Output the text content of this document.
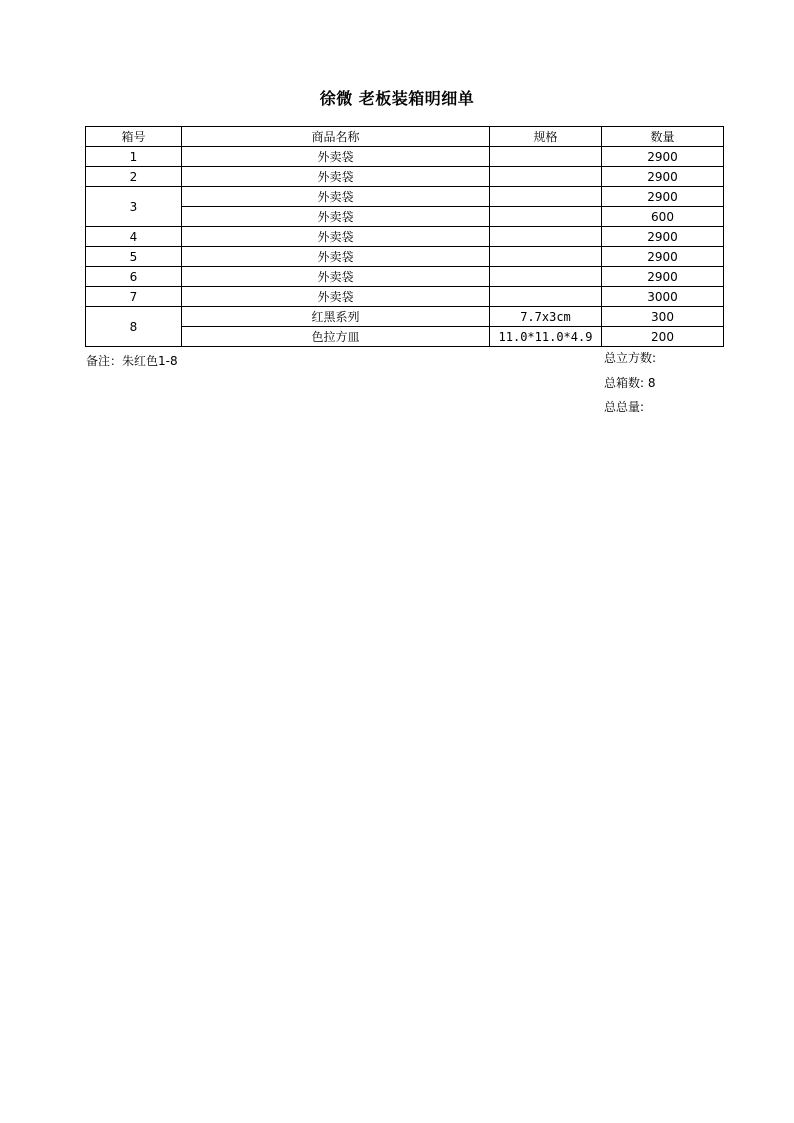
徐微 老板装箱明细单
箱号	商品名称	规格	数量
1	外卖袋		2900
2	外卖袋		2900
3	外卖袋		2900
	外卖袋		600
4	外卖袋		2900
5	外卖袋		2900
6	外卖袋		2900
7	外卖袋		3000
8	红黑系列	7.7x3cm	300
	色拉方皿	11.0*11.0*4.9	200
备注：朱红色1-8	总立方数:
总箱数: 8
总总量:
